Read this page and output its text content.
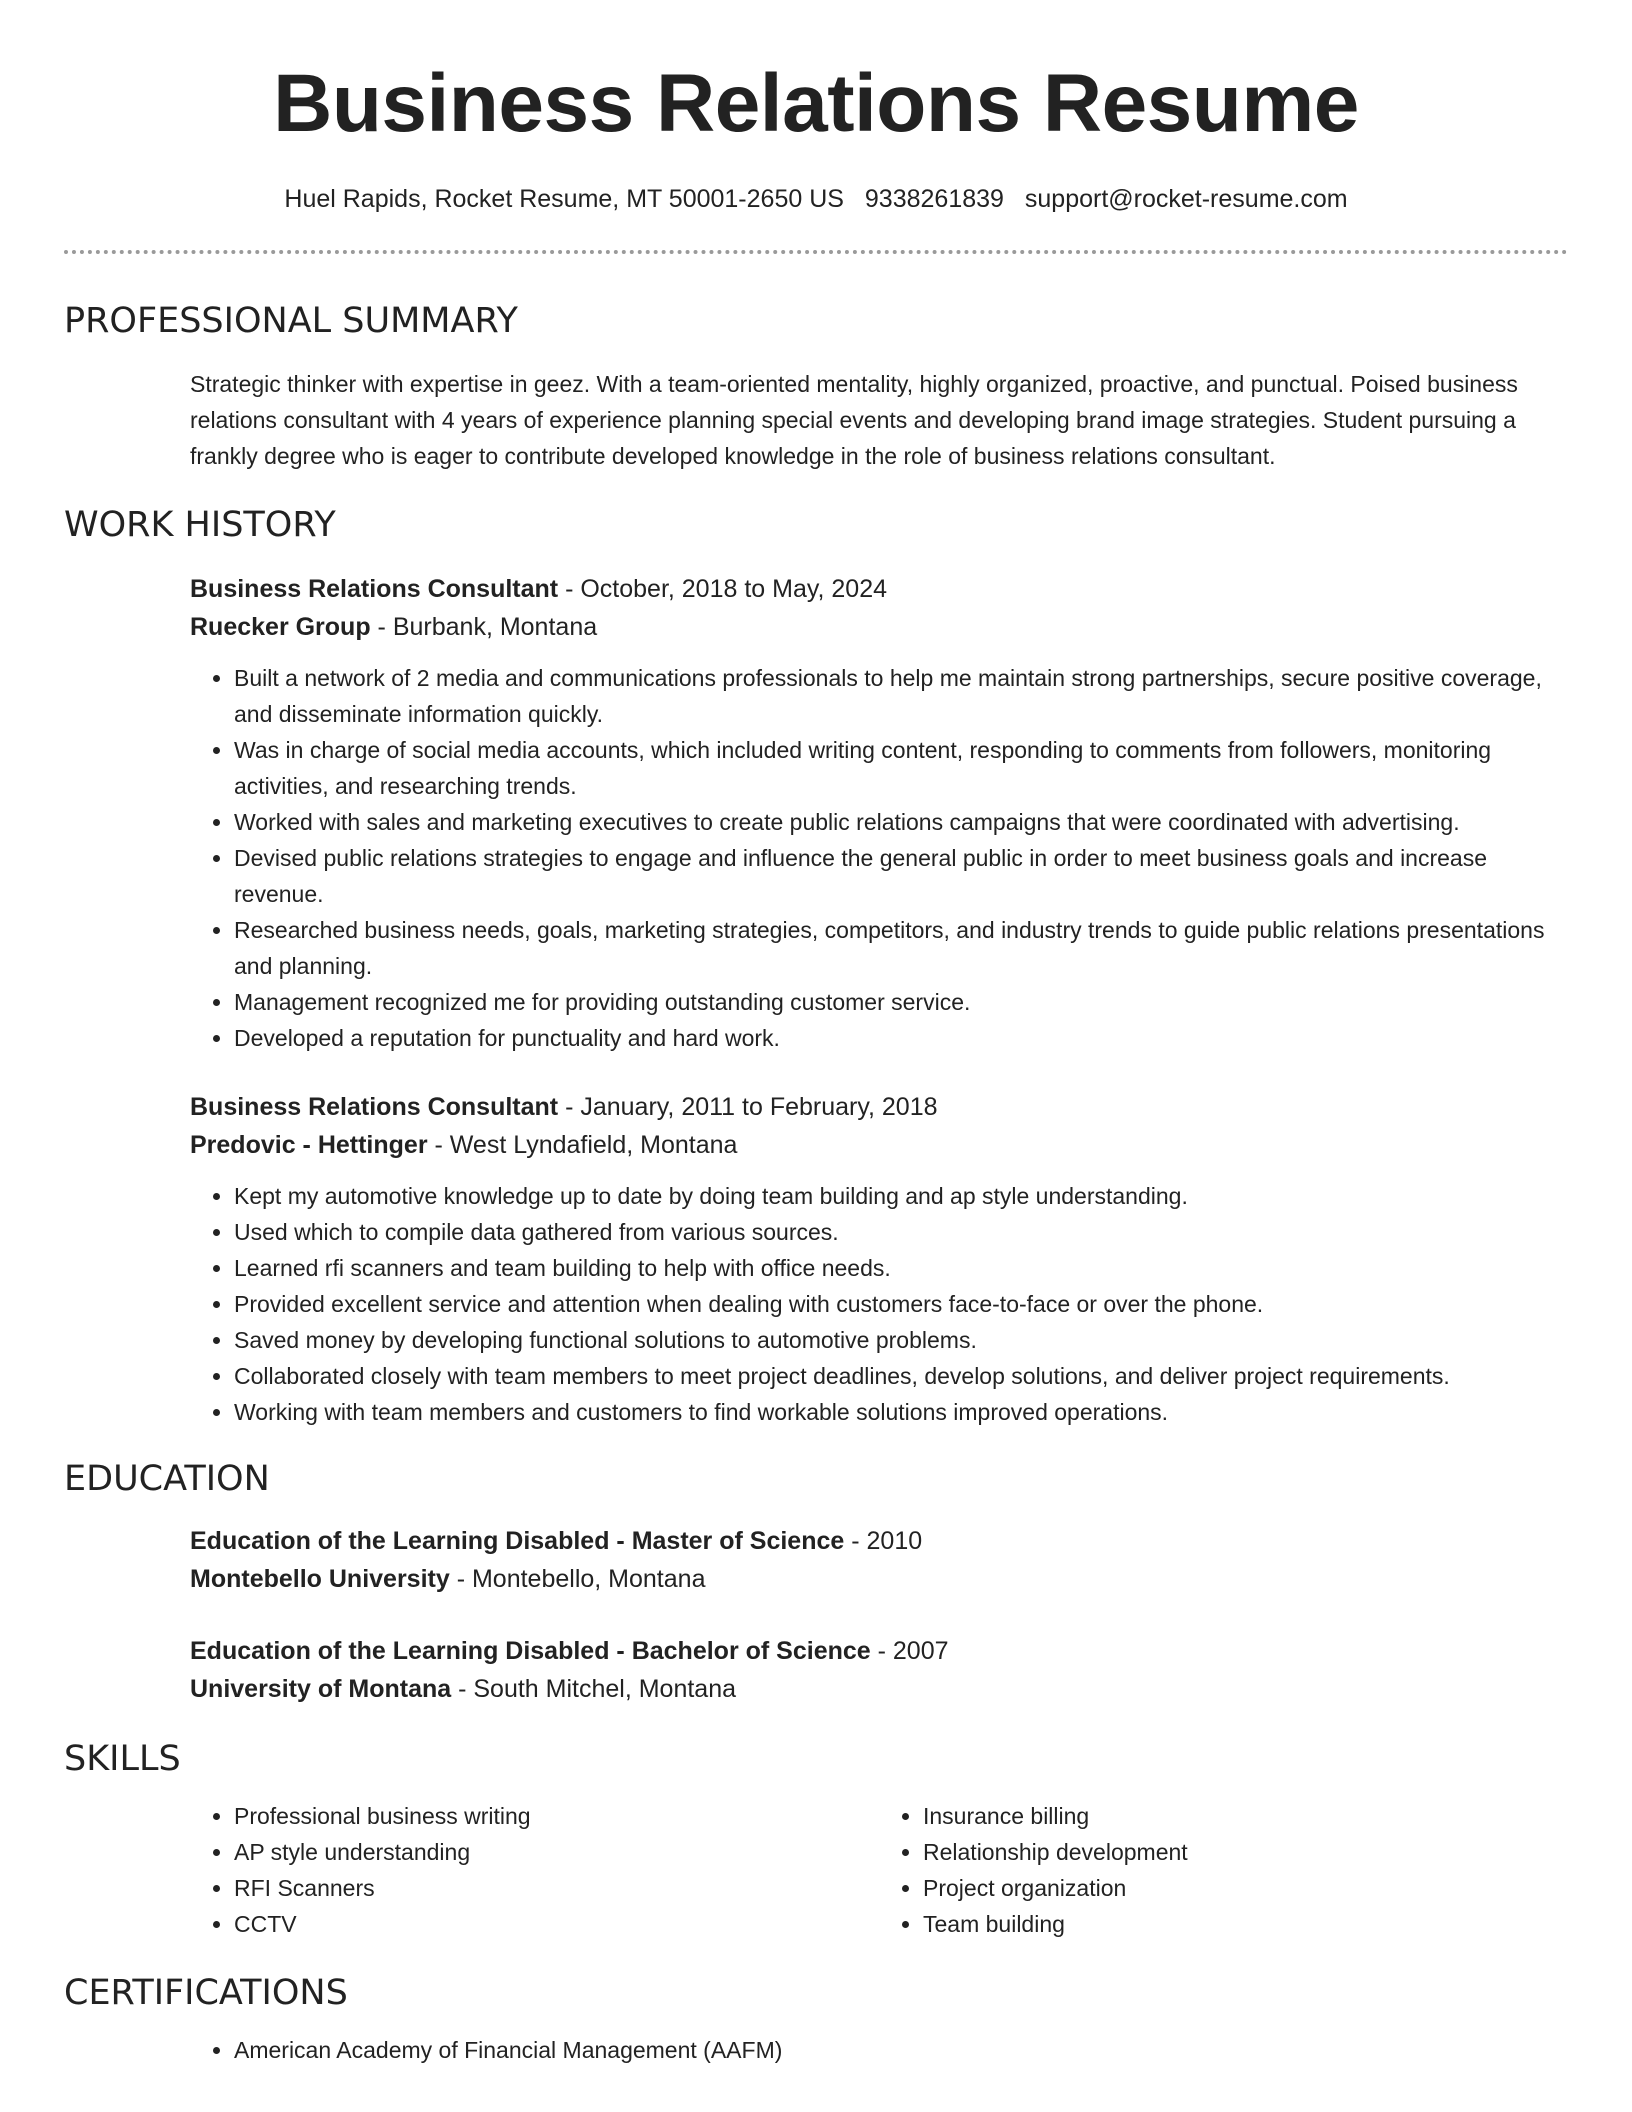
Business Relations Resume
Huel Rapids, Rocket Resume, MT 50001-2650 US 9338261839 support@rocket-resume.com
PROFESSIONAL SUMMARY
Strategic thinker with expertise in geez. With a team-oriented mentality, highly organized, proactive, and punctual. Poised business relations consultant with 4 years of experience planning special events and developing brand image strategies. Student pursuing a frankly degree who is eager to contribute developed knowledge in the role of business relations consultant.
WORK HISTORY
Business Relations Consultant - October, 2018 to May, 2024
Ruecker Group - Burbank, Montana
• Built a network of 2 media and communications professionals to help me maintain strong partnerships, secure positive coverage, and disseminate information quickly.
• Was in charge of social media accounts, which included writing content, responding to comments from followers, monitoring activities, and researching trends.
• Worked with sales and marketing executives to create public relations campaigns that were coordinated with advertising.
• Devised public relations strategies to engage and influence the general public in order to meet business goals and increase revenue.
• Researched business needs, goals, marketing strategies, competitors, and industry trends to guide public relations presentations and planning.
• Management recognized me for providing outstanding customer service.
• Developed a reputation for punctuality and hard work.
Business Relations Consultant - January, 2011 to February, 2018
Predovic - Hettinger - West Lyndafield, Montana
• Kept my automotive knowledge up to date by doing team building and ap style understanding.
• Used which to compile data gathered from various sources.
• Learned rfi scanners and team building to help with office needs.
• Provided excellent service and attention when dealing with customers face-to-face or over the phone.
• Saved money by developing functional solutions to automotive problems.
• Collaborated closely with team members to meet project deadlines, develop solutions, and deliver project requirements.
• Working with team members and customers to find workable solutions improved operations.
EDUCATION
Education of the Learning Disabled - Master of Science - 2010
Montebello University - Montebello, Montana
Education of the Learning Disabled - Bachelor of Science - 2007
University of Montana - South Mitchel, Montana
SKILLS
• Professional business writing
• AP style understanding
• RFI Scanners
• CCTV
• Insurance billing
• Relationship development
• Project organization
• Team building
CERTIFICATIONS
• American Academy of Financial Management (AAFM)
